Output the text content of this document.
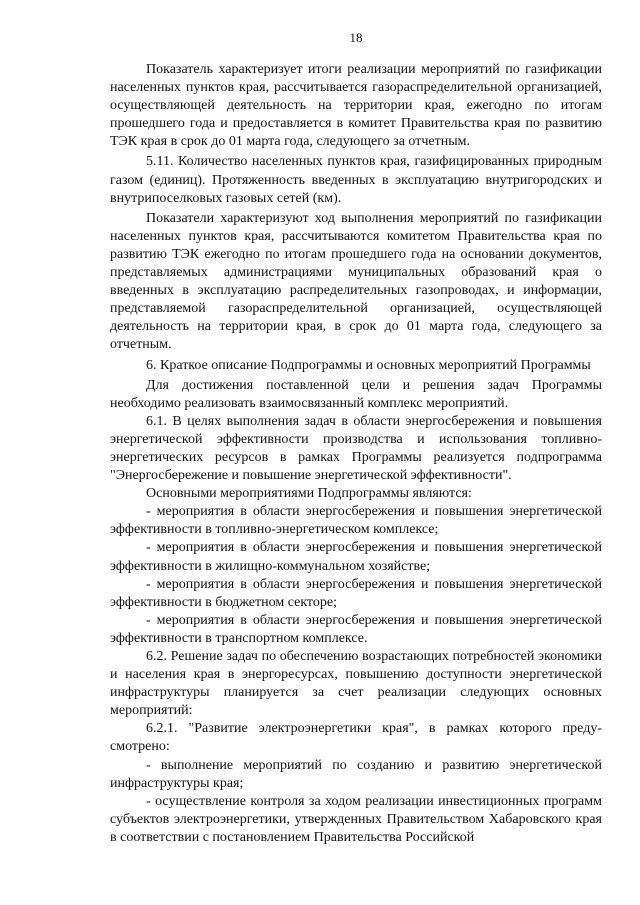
18

Показатель характеризует итоги реализации мероприятий по газификации населенных пунктов края, рассчитывается газораспределительной организацией, осуществляющей деятельность на территории края, ежегодно по итогам прошедшего года и предоставляется в комитет Правительства края по развитию ТЭК края в срок до 01 марта года, следующего за отчетным.

5.11. Количество населенных пунктов края, газифицированных природным газом (единиц). Протяженность введенных в эксплуатацию внутригородских и внутрипоселковых газовых сетей (км).

Показатели характеризуют ход выполнения мероприятий по газификации населенных пунктов края, рассчитываются комитетом Правительства края по развитию ТЭК ежегодно по итогам прошедшего года на основании документов, представляемых администрациями муниципальных образований края о введенных в эксплуатацию распределительных газопроводах, и информации, представляемой газораспределительной организацией, осуществляющей деятельность на территории края, в срок до 01 марта года, следующего за отчетным.

6. Краткое описание Подпрограммы и основных мероприятий Программы

Для достижения поставленной цели и решения задач Программы необходимо реализовать взаимосвязанный комплекс мероприятий.

6.1. В целях выполнения задач в области энергосбережения и повышения энергетической эффективности производства и использования топливно-энергетических ресурсов в рамках Программы реализуется подпрограмма "Энергосбережение и повышение энергетической эффективности".

Основными мероприятиями Подпрограммы являются:

- мероприятия в области энергосбережения и повышения энергетической эффективности в топливно-энергетическом комплексе;

- мероприятия в области энергосбережения и повышения энергетической эффективности в жилищно-коммунальном хозяйстве;

- мероприятия в области энергосбережения и повышения энергетической эффективности в бюджетном секторе;

- мероприятия в области энергосбережения и повышения энергетической эффективности в транспортном комплексе.

6.2. Решение задач по обеспечению возрастающих потребностей экономики и населения края в энергоресурсах, повышению доступности энергетической инфраструктуры планируется за счет реализации следующих основных мероприятий:

6.2.1. "Развитие электроэнергетики края", в рамках которого предусмотрено:

- выполнение мероприятий по созданию и развитию энергетической инфраструктуры края;

- осуществление контроля за ходом реализации инвестиционных программ субъектов электроэнергетики, утвержденных Правительством Хабаровского края в соответствии с постановлением Правительства Российской
